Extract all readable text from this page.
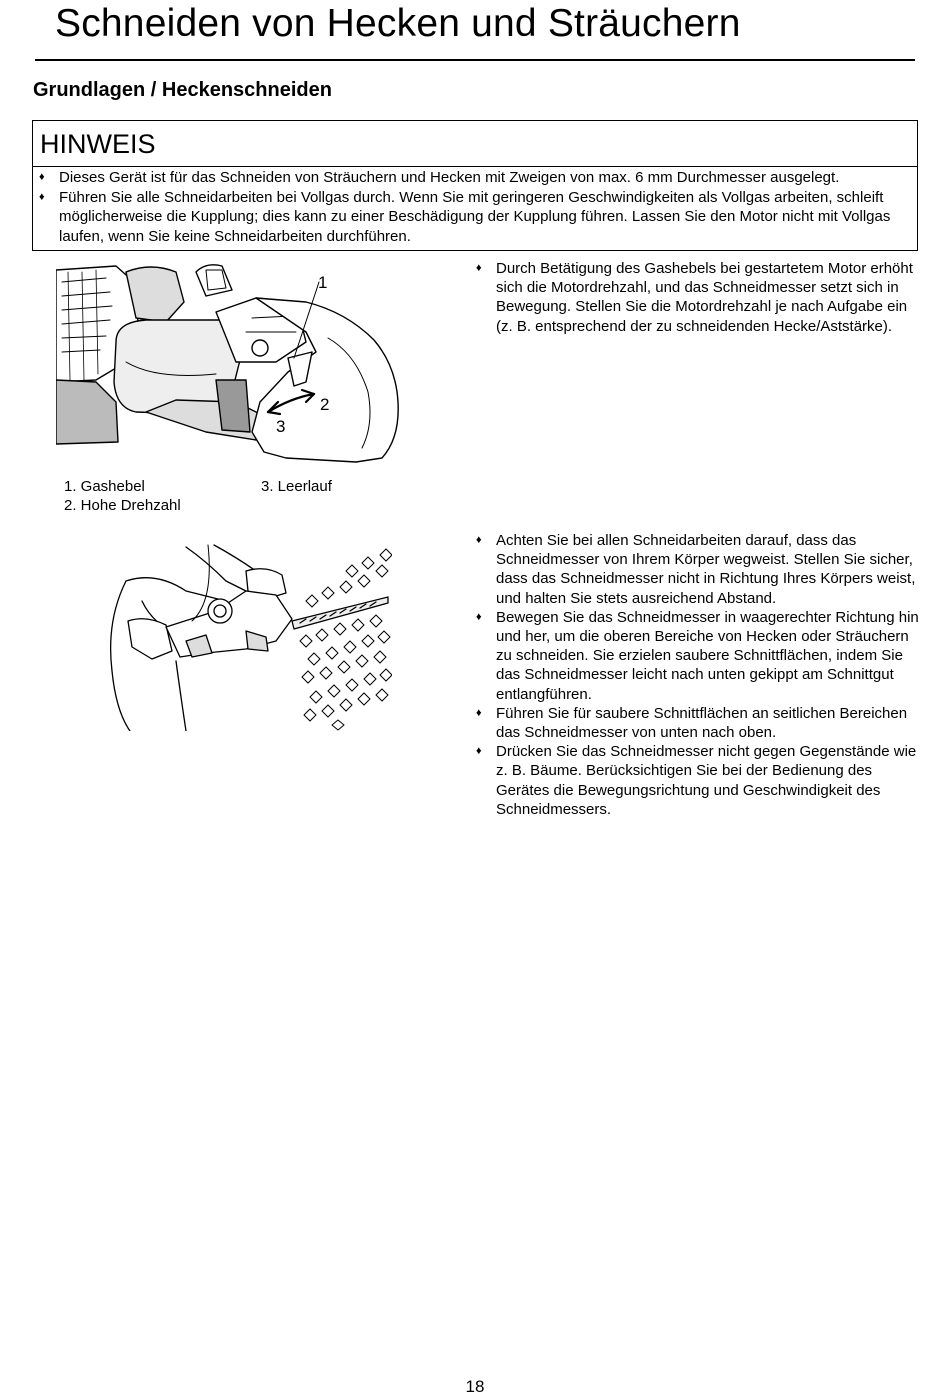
Schneiden von Hecken und Sträuchern
Grundlagen / Heckenschneiden
HINWEIS
♦ Dieses Gerät ist für das Schneiden von Sträuchern und Hecken mit Zweigen von max. 6 mm Durchmesser ausgelegt.
♦ Führen Sie alle Schneidarbeiten bei Vollgas durch. Wenn Sie mit geringeren Geschwindigkeiten als Vollgas arbeiten, schleift möglicherweise die Kupplung; dies kann zu einer Beschädigung der Kupplung führen. Lassen Sie den Motor nicht mit Vollgas laufen, wenn Sie keine Schneidarbeiten durchführen.
1
2
3
♦ Durch Betätigung des Gashebels bei gestartetem Motor erhöht sich die Motordrehzahl, und das Schneidmesser setzt sich in Bewegung. Stellen Sie die Motordrehzahl je nach Aufgabe ein (z. B. entsprechend der zu schneidenden Hecke/Aststärke).
1. Gashebel
2. Hohe Drehzahl
3. Leerlauf
♦ Achten Sie bei allen Schneidarbeiten darauf, dass das Schneidmesser von Ihrem Körper wegweist. Stellen Sie sicher, dass das Schneidmesser nicht in Richtung Ihres Körpers weist, und halten Sie stets ausreichend Abstand.
♦ Bewegen Sie das Schneidmesser in waagerechter Richtung hin und her, um die oberen Bereiche von Hecken oder Sträuchern zu schneiden. Sie erzielen saubere Schnittflächen, indem Sie das Schneidmesser leicht nach unten gekippt am Schnittgut entlangführen.
♦ Führen Sie für saubere Schnittflächen an seitlichen Bereichen das Schneidmesser von unten nach oben.
♦ Drücken Sie das Schneidmesser nicht gegen Gegenstände wie z. B. Bäume. Berücksichtigen Sie bei der Bedienung des Gerätes die Bewegungsrichtung und Geschwindigkeit des Schneidmessers.
18
